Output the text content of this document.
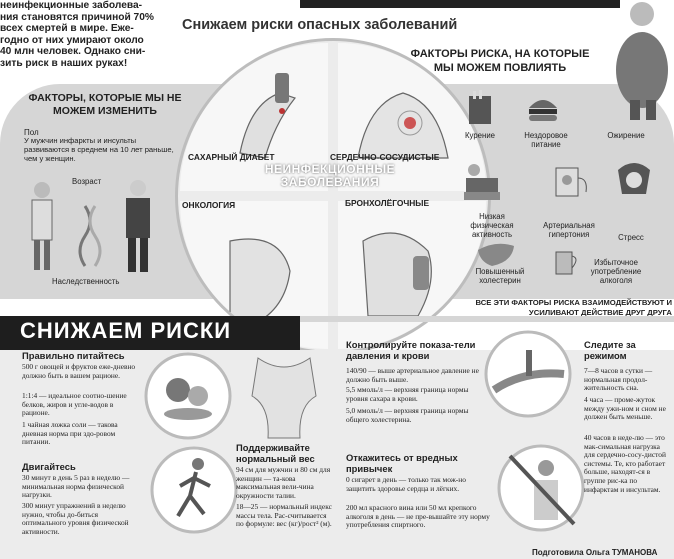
неинфекционные заболева-
ния становятся причиной 70%
всех смертей в мире. Еже-
годно от них умирают около
40 млн человек. Однако сни-
зить риск в наших руках!
Снижаем риски опасных заболеваний
САХАРНЫЙ ДИАБЕТ	СЕРДЕЧНО-СОСУДИСТЫЕ
ОНКОЛОГИЯ	БРОНХОЛЁГОЧНЫЕ
НЕИНФЕКЦИОННЫЕ ЗАБОЛЕВАНИЯ
ФАКТОРЫ, КОТОРЫЕ МЫ НЕ МОЖЕМ ИЗМЕНИТЬ
Пол
У мужчин инфаркты и инсульты развиваются в среднем на 10 лет раньше, чем у женщин.
Возраст
Наследственность
ФАКТОРЫ РИСКА, НА КОТОРЫЕ МЫ МОЖЕМ ПОВЛИЯТЬ
Курение	Нездоровое питание
Ожирение
Низкая физическая активность
Артериальная гипертония	Стресс
Повышенный холестерин
Избыточное употребление алкоголя
ВСЕ ЭТИ ФАКТОРЫ РИСКА ВЗАИМОДЕЙСТВУЮТ И УСИЛИВАЮТ ДЕЙСТВИЕ ДРУГ ДРУГА
СНИЖАЕМ РИСКИ
Правильно питайтесь
500 г овощей и фруктов еже-дневно должно быть в вашем рационе.
1:1:4 — идеальное соотно-шение белков, жиров и угле-водов в рационе.
1 чайная ложка соли — такова дневная норма при здо-ровом питании.
Двигайтесь
30 минут в день 5 раз в неделю — минимальная норма физической нагрузки.
300 минут упражнений в неделю нужно, чтобы до-биться оптимального уровня физической активности.
Поддерживайте нормальный вес
94 см для мужчин и 80 см для женщин — та-кова максимальная вели-чина окружности талии.
18—25 — нормальный индекс массы тела. Рас-считывается по формуле: вес (кг)/рост² (м).
Контролируйте показа-тели давления и крови
140/90 — выше артериальное давление не должно быть выше.
5,5 ммоль/л — верхняя граница нормы уровня сахара в крови.
5,0 ммоль/л — верхняя граница нормы общего холестерина.
Откажитесь от вредных привычек
0 сигарет в день — только так мож-но защитить здоровье сердца и лёгких.
200 мл красного вина или 50 мл крепкого алкоголя в день — не пре-вышайте эту норму употребления спиртного.
Следите за режимом
7—8 часов в сутки — нормальная продол-жительность сна.
4 часа — проме-жуток между ужи-ном и сном не должен быть меньше.
40 часов в неде-лю — это мак-симальная нагрузка для сердечно-сосу-дистой системы. Те, кто работает больше, находят-ся в группе рис-ка по инфарктам и инсультам.
Подготовила Ольга ТУМАНОВА
